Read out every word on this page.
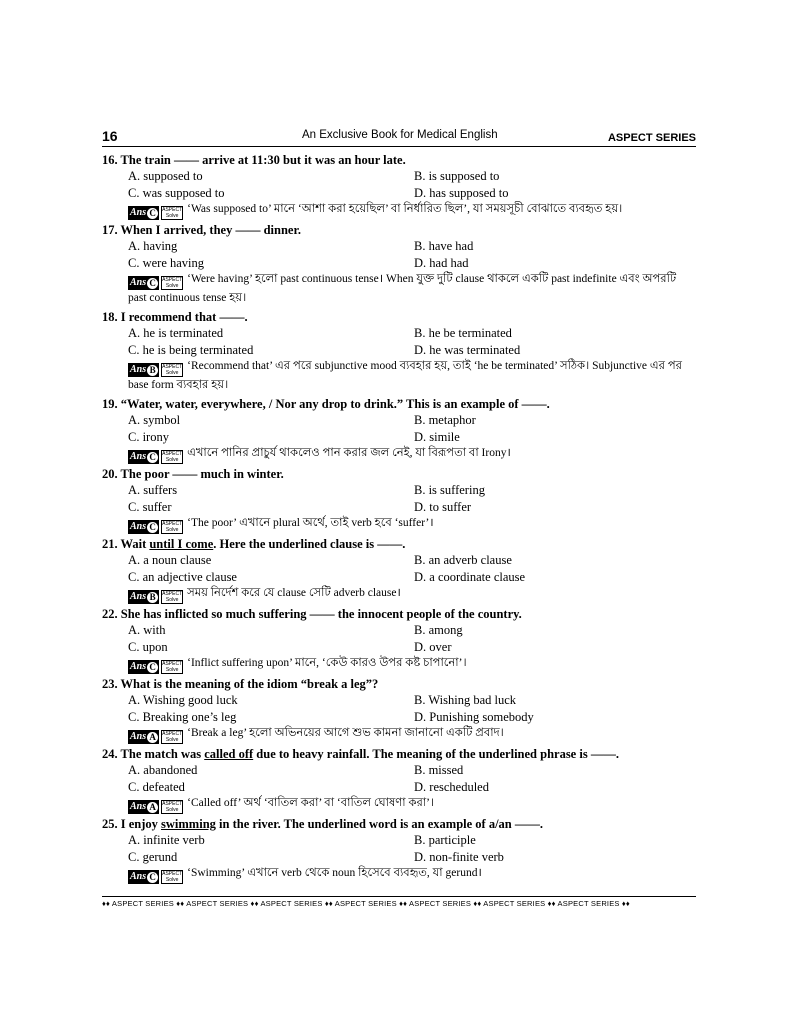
16	An Exclusive Book for Medical English	ASPECT SERIES
16. The train —— arrive at 11:30 but it was an hour late.
A. supposed to	B. is supposed to
C. was supposed to	D. has supposed to
Ans C	ASPECT
Solve
‘Was supposed to’ মানে ‘আশা করা হয়েছিল’ বা নির্ধারিত ছিল’, যা সময়সূচী বোঝাতে ব্যবহৃত হয়।
17. When I arrived, they —— dinner.
A. having	B. have had
C. were having	D. had had
Ans C	ASPECT
Solve
‘Were having’ হলো past continuous tense। When যুক্ত দুটি clause থাকলে একটি past indefinite এবং অপরটি past continuous tense হয়।
18. I recommend that ——.
A. he is terminated	B. he be terminated
C. he is being terminated	D. he was terminated
Ans B	ASPECT
Solve
‘Recommend that’ এর পরে subjunctive mood ব্যবহার হয়, তাই ‘he be terminated’ সঠিক। Subjunctive এর পর base form ব্যবহার হয়।
19. “Water, water, everywhere, / Nor any drop to drink.” This is an example of ——.
A. symbol	B. metaphor
C. irony	D. simile
Ans C	ASPECT
Solve
এখানে পানির প্রাচুর্য থাকলেও পান করার জল নেই, যা বিরূপতা বা Irony।
20. The poor —— much in winter.
A. suffers	B. is suffering
C. suffer	D. to suffer
Ans C	ASPECT
Solve
‘The poor’ এখানে plural অর্থে, তাই verb হবে ‘suffer’।
21. Wait until I come. Here the underlined clause is ——.
A. a noun clause	B. an adverb clause
C. an adjective clause	D. a coordinate clause
Ans B	ASPECT
Solve
সময় নির্দেশ করে যে clause সেটি adverb clause।
22. She has inflicted so much suffering —— the innocent people of the country.
A. with	B. among
C. upon	D. over
Ans C	ASPECT
Solve
‘Inflict suffering upon’ মানে, ‘কেউ কারও উপর কষ্ট চাপানো’।
23. What is the meaning of the idiom “break a leg”?
A. Wishing good luck	B. Wishing bad luck
C. Breaking one’s leg	D. Punishing somebody
Ans A	ASPECT
Solve
‘Break a leg’ হলো অভিনয়ের আগে শুভ কামনা জানানো একটি প্রবাদ।
24. The match was called off due to heavy rainfall. The meaning of the underlined phrase is ——.
A. abandoned	B. missed
C. defeated	D. rescheduled
Ans A	ASPECT
Solve
‘Called off’ অর্থ ‘বাতিল করা’ বা ‘বাতিল ঘোষণা করা’।
25. I enjoy swimming in the river. The underlined word is an example of a/an ——.
A. infinite verb	B. participle
C. gerund	D. non-finite verb
Ans C	ASPECT
Solve
‘Swimming’ এখানে verb থেকে noun হিসেবে ব্যবহৃত, যা gerund।
♦♦ ASPECT SERIES ♦♦ ASPECT SERIES ♦♦ ASPECT SERIES ♦♦ ASPECT SERIES ♦♦ ASPECT SERIES ♦♦ ASPECT SERIES ♦♦ ASPECT SERIES ♦♦
